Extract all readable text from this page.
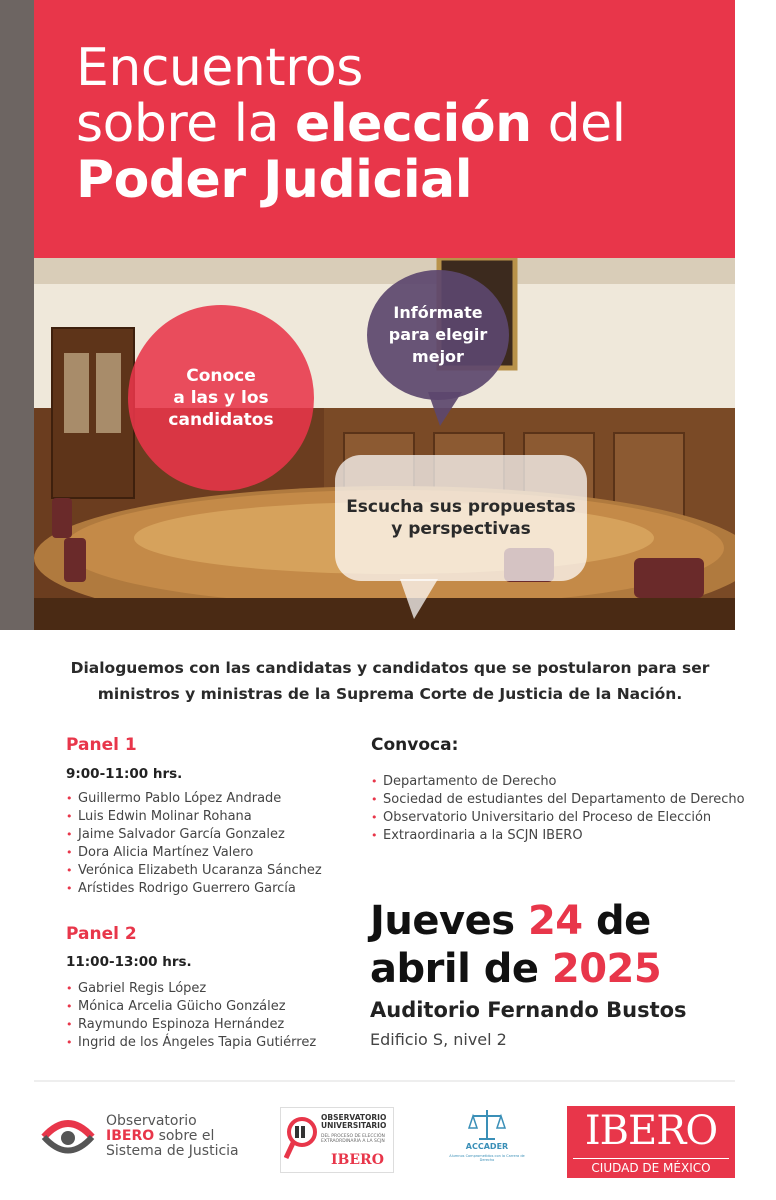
Encuentros
sobre la elección del
Poder Judicial
Conoce
a las y los
candidatos
Infórmate
para elegir
mejor
Escucha sus propuestas
y perspectivas
Dialoguemos con las candidatas y candidatos que se postularon para ser
ministros y ministras de la Suprema Corte de Justicia de la Nación.
Panel 1
9:00-11:00 hrs.
• Guillermo Pablo López Andrade
• Luis Edwin Molinar Rohana
• Jaime Salvador García Gonzalez
• Dora Alicia Martínez Valero
• Verónica Elizabeth Ucaranza Sánchez
• Arístides Rodrigo Guerrero García
Panel 2
11:00-13:00 hrs.
• Gabriel Regis López
• Mónica Arcelia Güicho González
• Raymundo Espinoza Hernández
• Ingrid de los Ángeles Tapia Gutiérrez
Convoca:
• Departamento de Derecho
• Sociedad de estudiantes del Departamento de Derecho
• Observatorio Universitario del Proceso de Elección
• Extraordinaria a la SCJN IBERO
Jueves 24 de
abril de 2025
Auditorio Fernando Bustos
Edificio S, nivel 2
Observatorio
IBERO sobre el
Sistema de Justicia
OBSERVATORIO UNIVERSITARIO
DEL PROCESO DE ELECCIÓN EXTRAORDINARIA A LA SCJN
IBERO
ACCADER
Alumnos Comprometidos con la Carrera de Derecho
IBERO
CIUDAD DE MÉXICO
